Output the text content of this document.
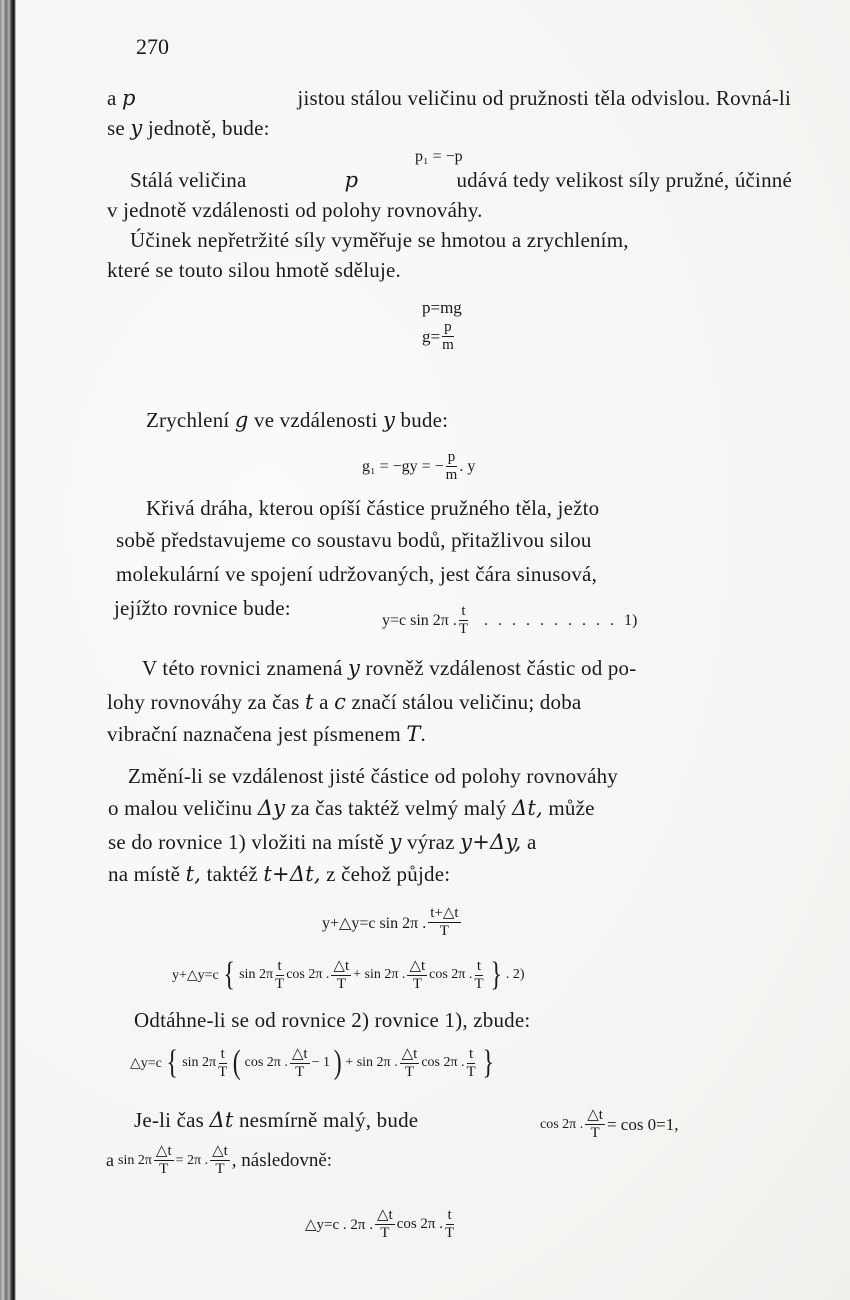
270
a p	jistou stálou veličinu od pružnosti těla odvislou. Rovná-li
se y jednotě, bude:
p₁ = −p
Stálá veličina	p	udává tedy velikost síly pružné, účinné
v jednotě vzdálenosti od polohy rovnováhy.
Účinek nepřetržité síly vyměřuje se hmotou a zrychlením,
které se touto silou hmotě sděluje.
p=mg
$g= \frac{p}{m}$
Zrychlení g ve vzdálenosti y bude:
g₁ = −gy = − $\frac{p}{m}$ . y
Křivá dráha, kterou opíší částice pružného těla, ježto
sobě představujeme co soustavu bodů, přitažlivou silou
molekulární ve spojení udržovaných, jest čára sinusová,
jejížto rovnice bude:	y=c sin 2π . $\frac{t}{T}$ .......... 1)
V této rovnici znamená y rovněž vzdálenost částic od po-
lohy rovnováhy za čas t a c značí stálou veličinu; doba
vibrační naznačena jest písmenem T.
Změní-li se vzdálenost jisté částice od polohy rovnováhy
o malou veličinu Δy za čas taktéž velmý malý Δt, může
se do rovnice 1) vložiti na místě y výraz y+Δy, a
na místě t, taktéž t+Δt, z čehož půjde:
y+△y=c sin 2π . $\frac{t+\triangle t}{T}$
y+△y=c { $\sin 2\pi \frac{t}{T}$ cos 2π . $\frac{\triangle t}{T} + \sin 2\pi$ . $\frac{\triangle t}{T}$ cos 2π . $\frac{t}{T}$ } . 2)
Odtáhne-li se od rovnice 2) rovnice 1), zbude:
△y=c { $\sin 2\pi \frac{t}{T}$ ( cos 2π . $\frac{\triangle t}{T} - 1$ ) + sin 2π . $\frac{\triangle t}{T}$ cos 2π . $\frac{t}{T}$ }
Je-li čas Δt nesmírně malý, bude	cos 2π . $\frac{\triangle t}{T} = \cos 0=1$,
a $\sin 2\pi \frac{\triangle t}{T} = 2\pi$ . $\frac{\triangle t}{T}$ , následovně:
△y=c . 2π . $\frac{\triangle t}{T}$ cos 2π . $\frac{t}{T}$
